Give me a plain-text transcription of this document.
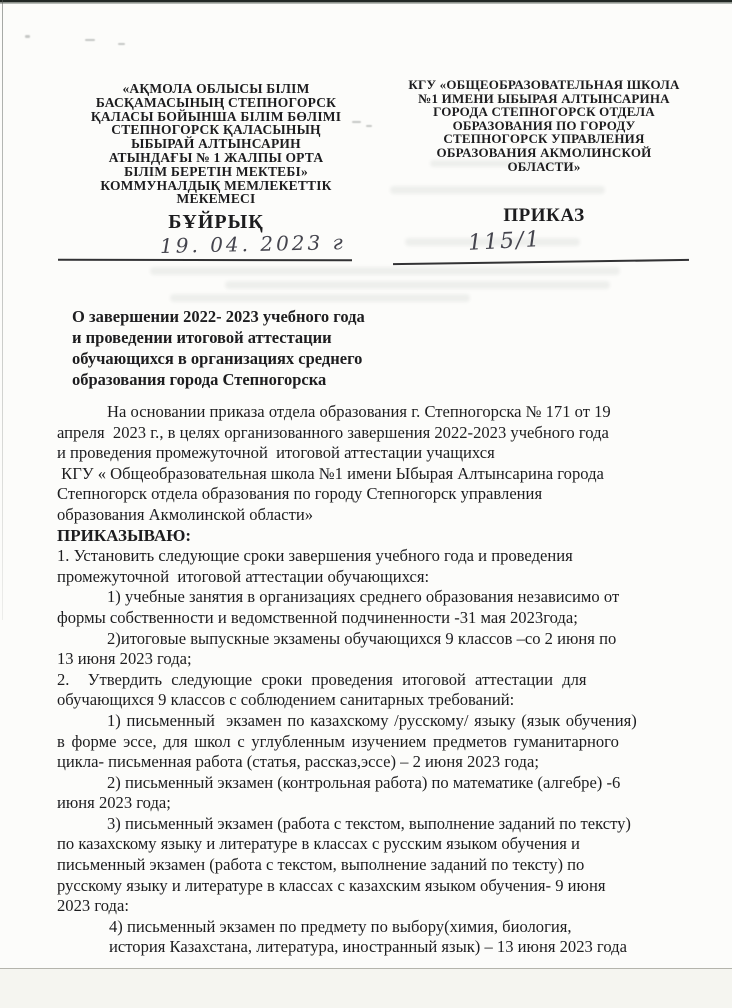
«АҚМОЛА ОБЛЫСЫ БІЛІМ
БАСҚАМАСЫНЫҢ СТЕПНОГОРСК
ҚАЛАСЫ БОЙЫНША БІЛІМ БӨЛІМІ
СТЕПНОГОРСК ҚАЛАСЫНЫҢ
ЫБЫРАЙ АЛТЫНСАРИН
АТЫНДАҒЫ № 1 ЖАЛПЫ ОРТА
БІЛІМ БЕРЕТІН МЕКТЕБІ»
КОММУНАЛДЫҚ МЕМЛЕКЕТТІК
МЕКЕМЕСІ
КГУ «ОБЩЕОБРАЗОВАТЕЛЬНАЯ ШКОЛА
№1 ИМЕНИ ЫБЫРАЯ АЛТЫНСАРИНА
ГОРОДА СТЕПНОГОРСК ОТДЕЛА
ОБРАЗОВАНИЯ ПО ГОРОДУ
СТЕПНОГОРСК УПРАВЛЕНИЯ
ОБРАЗОВАНИЯ АКМОЛИНСКОЙ
ОБЛАСТИ»
БҰЙРЫҚ	ПРИКАЗ
19. 04. 2023 г	115/1
О завершении 2022- 2023 учебного года
и проведении итоговой аттестации
обучающихся в организациях среднего
образования города Степногорска
На основании приказа отдела образования г. Степногорска № 171 от 19
апреля  2023 г., в целях организованного завершения 2022-2023 учебного года
и проведения промежуточной  итоговой аттестации учащихся
КГУ « Общеобразовательная школа №1 имени Ыбырая Алтынсарина города
Степногорск отдела образования по городу Степногорск управления
образования Акмолинской области»
ПРИКАЗЫВАЮ:
1. Установить следующие сроки завершения учебного года и проведения
промежуточной  итоговой аттестации обучающихся:
1) учебные занятия в организациях среднего образования независимо от
формы собственности и ведомственной подчиненности -31 мая 2023года;
2)итоговые выпускные экзамены обучающихся 9 классов –со 2 июня по
13 июня 2023 года;
2.  Утвердить следующие сроки проведения итоговой аттестации для
обучающихся 9 классов с соблюдением санитарных требований:
1) письменный  экзамен по казахскому /русскому/ языку (язык обучения)
в форме эссе, для школ с углубленным изучением предметов гуманитарного
цикла- письменная работа (статья, рассказ,эссе) – 2 июня 2023 года;
2) письменный экзамен (контрольная работа) по математике (алгебре) -6
июня 2023 года;
3) письменный экзамен (работа с текстом, выполнение заданий по тексту)
по казахскому языку и литературе в классах с русским языком обучения и
письменный экзамен (работа с текстом, выполнение заданий по тексту) по
русскому языку и литературе в классах с казахским языком обучения- 9 июня
2023 года:
4) письменный экзамен по предмету по выбору(химия, биология,
история Казахстана, литература, иностранный язык) – 13 июня 2023 года
